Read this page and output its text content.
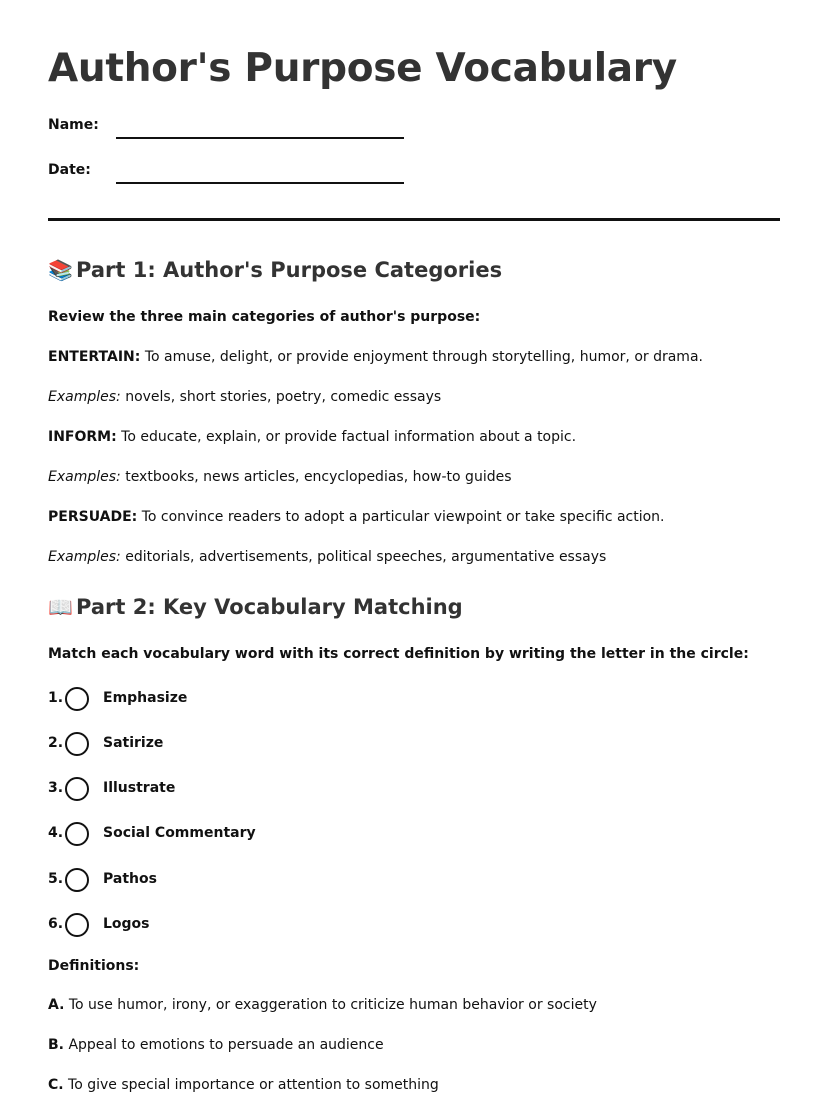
Author's Purpose Vocabulary
Name:
Date:
📚 Part 1: Author's Purpose Categories
Review the three main categories of author's purpose:
ENTERTAIN: To amuse, delight, or provide enjoyment through storytelling, humor, or drama.
Examples: novels, short stories, poetry, comedic essays
INFORM: To educate, explain, or provide factual information about a topic.
Examples: textbooks, news articles, encyclopedias, how-to guides
PERSUADE: To convince readers to adopt a particular viewpoint or take specific action.
Examples: editorials, advertisements, political speeches, argumentative essays
📖 Part 2: Key Vocabulary Matching
Match each vocabulary word with its correct definition by writing the letter in the circle:
1.	Emphasize
2.	Satirize
3.	Illustrate
4.	Social Commentary
5.	Pathos
6.	Logos
Definitions:
A. To use humor, irony, or exaggeration to criticize human behavior or society
B. Appeal to emotions to persuade an audience
C. To give special importance or attention to something
